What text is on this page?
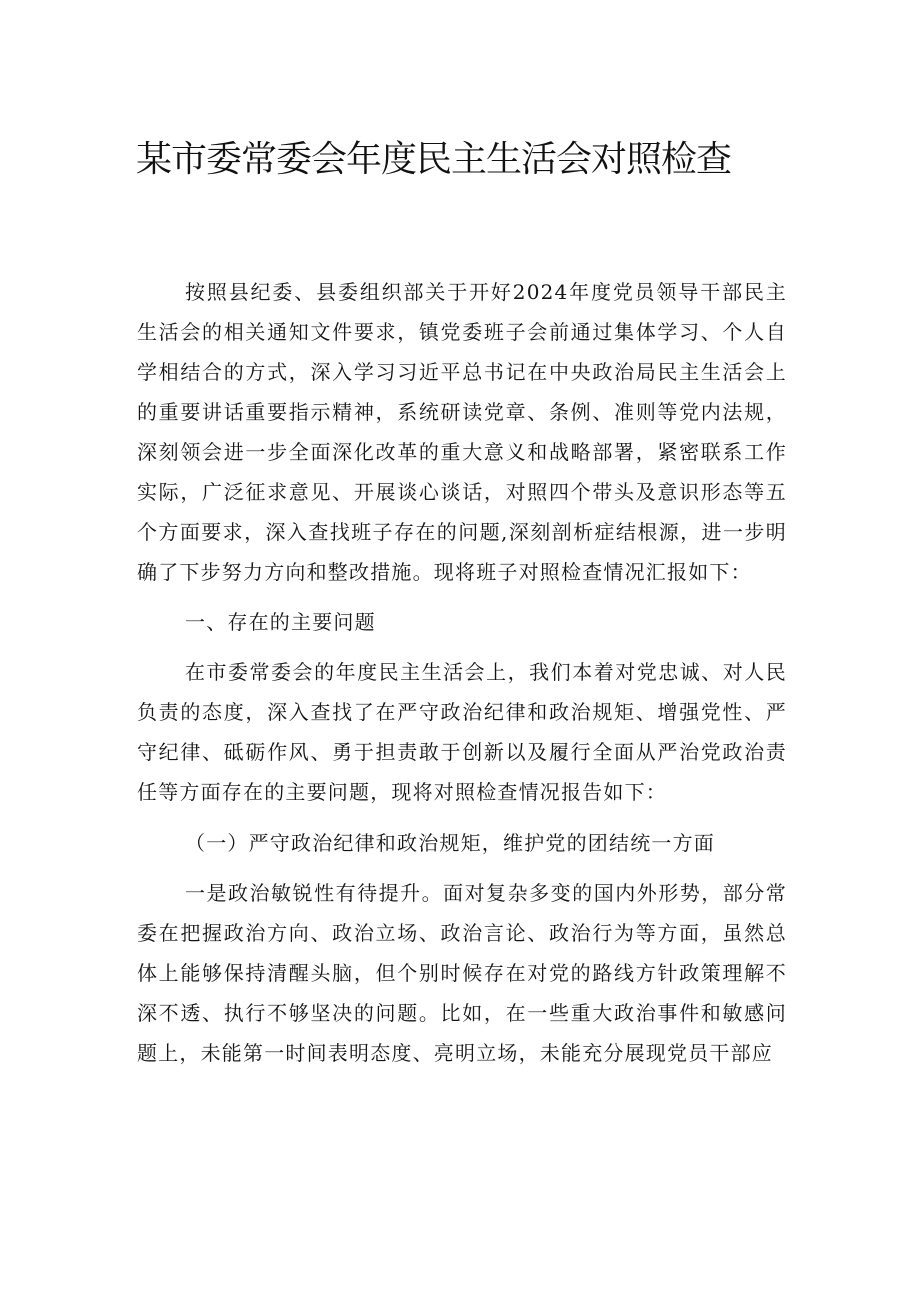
某市委常委会年度民主生活会对照检查

按照县纪委、县委组织部关于开好2024年度党员领导干部民主生活会的相关通知文件要求，镇党委班子会前通过集体学习、个人自学相结合的方式，深入学习习近平总书记在中央政治局民主生活会上的重要讲话重要指示精神，系统研读党章、条例、准则等党内法规，深刻领会进一步全面深化改革的重大意义和战略部署，紧密联系工作实际，广泛征求意见、开展谈心谈话，对照四个带头及意识形态等五个方面要求，深入查找班子存在的问题,深刻剖析症结根源，进一步明确了下步努力方向和整改措施。现将班子对照检查情况汇报如下：

一、存在的主要问题

在市委常委会的年度民主生活会上，我们本着对党忠诚、对人民负责的态度，深入查找了在严守政治纪律和政治规矩、增强党性、严守纪律、砥砺作风、勇于担责敢于创新以及履行全面从严治党政治责任等方面存在的主要问题，现将对照检查情况报告如下：

（一）严守政治纪律和政治规矩，维护党的团结统一方面

一是政治敏锐性有待提升。面对复杂多变的国内外形势，部分常委在把握政治方向、政治立场、政治言论、政治行为等方面，虽然总体上能够保持清醒头脑，但个别时候存在对党的路线方针政策理解不深不透、执行不够坚决的问题。比如，在一些重大政治事件和敏感问题上，未能第一时间表明态度、亮明立场，未能充分展现党员干部应
